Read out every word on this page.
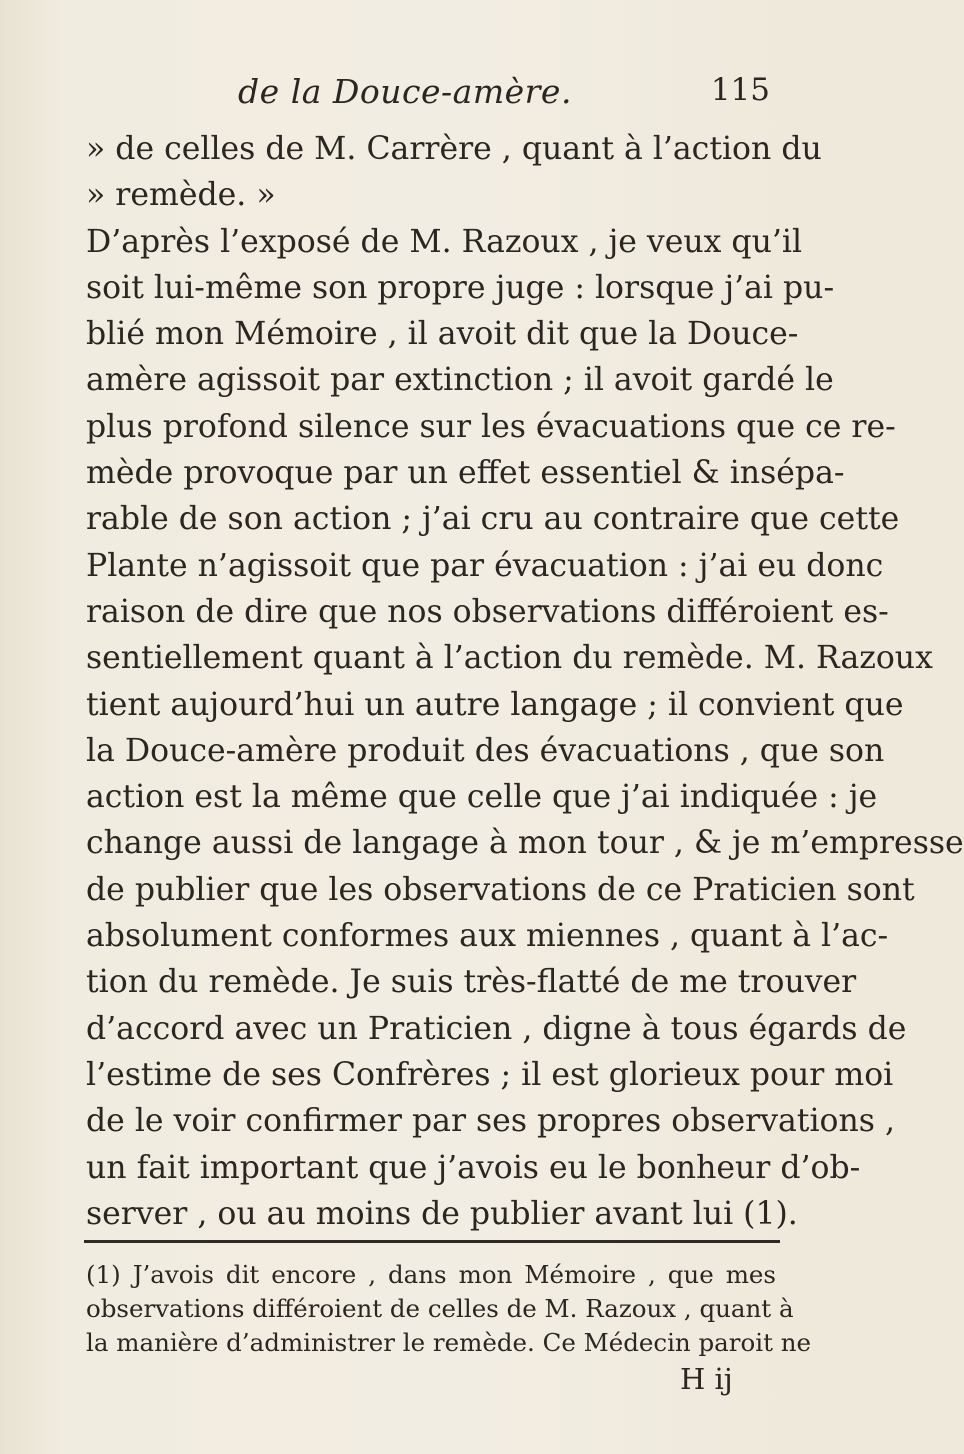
de la Douce-amère.	115
» de celles de M. Carrère , quant à l’action du
» remède. »
D’après l’exposé de M. Razoux , je veux qu’il
soit lui-même son propre juge : lorsque j’ai pu-
blié mon Mémoire , il avoit dit que la Douce-
amère agissoit par extinction ; il avoit gardé le
plus profond silence sur les évacuations que ce re-
mède provoque par un effet essentiel & insépa-
rable de son action ; j’ai cru au contraire que cette
Plante n’agissoit que par évacuation : j’ai eu donc
raison de dire que nos observations différoient es-
sentiellement quant à l’action du remède. M. Razoux
tient aujourd’hui un autre langage ; il convient que
la Douce-amère produit des évacuations , que son
action est la même que celle que j’ai indiquée : je
change aussi de langage à mon tour , & je m’empresse
de publier que les observations de ce Praticien sont
absolument conformes aux miennes , quant à l’ac-
tion du remède. Je suis très-flatté de me trouver
d’accord avec un Praticien , digne à tous égards de
l’estime de ses Confrères ; il est glorieux pour moi
de le voir confirmer par ses propres observations ,
un fait important que j’avois eu le bonheur d’ob-
server , ou au moins de publier avant lui (1).
(1) J’avois dit encore , dans mon Mémoire , que mes
observations différoient de celles de M. Razoux , quant à
la manière d’administrer le remède. Ce Médecin paroit ne
H ij
